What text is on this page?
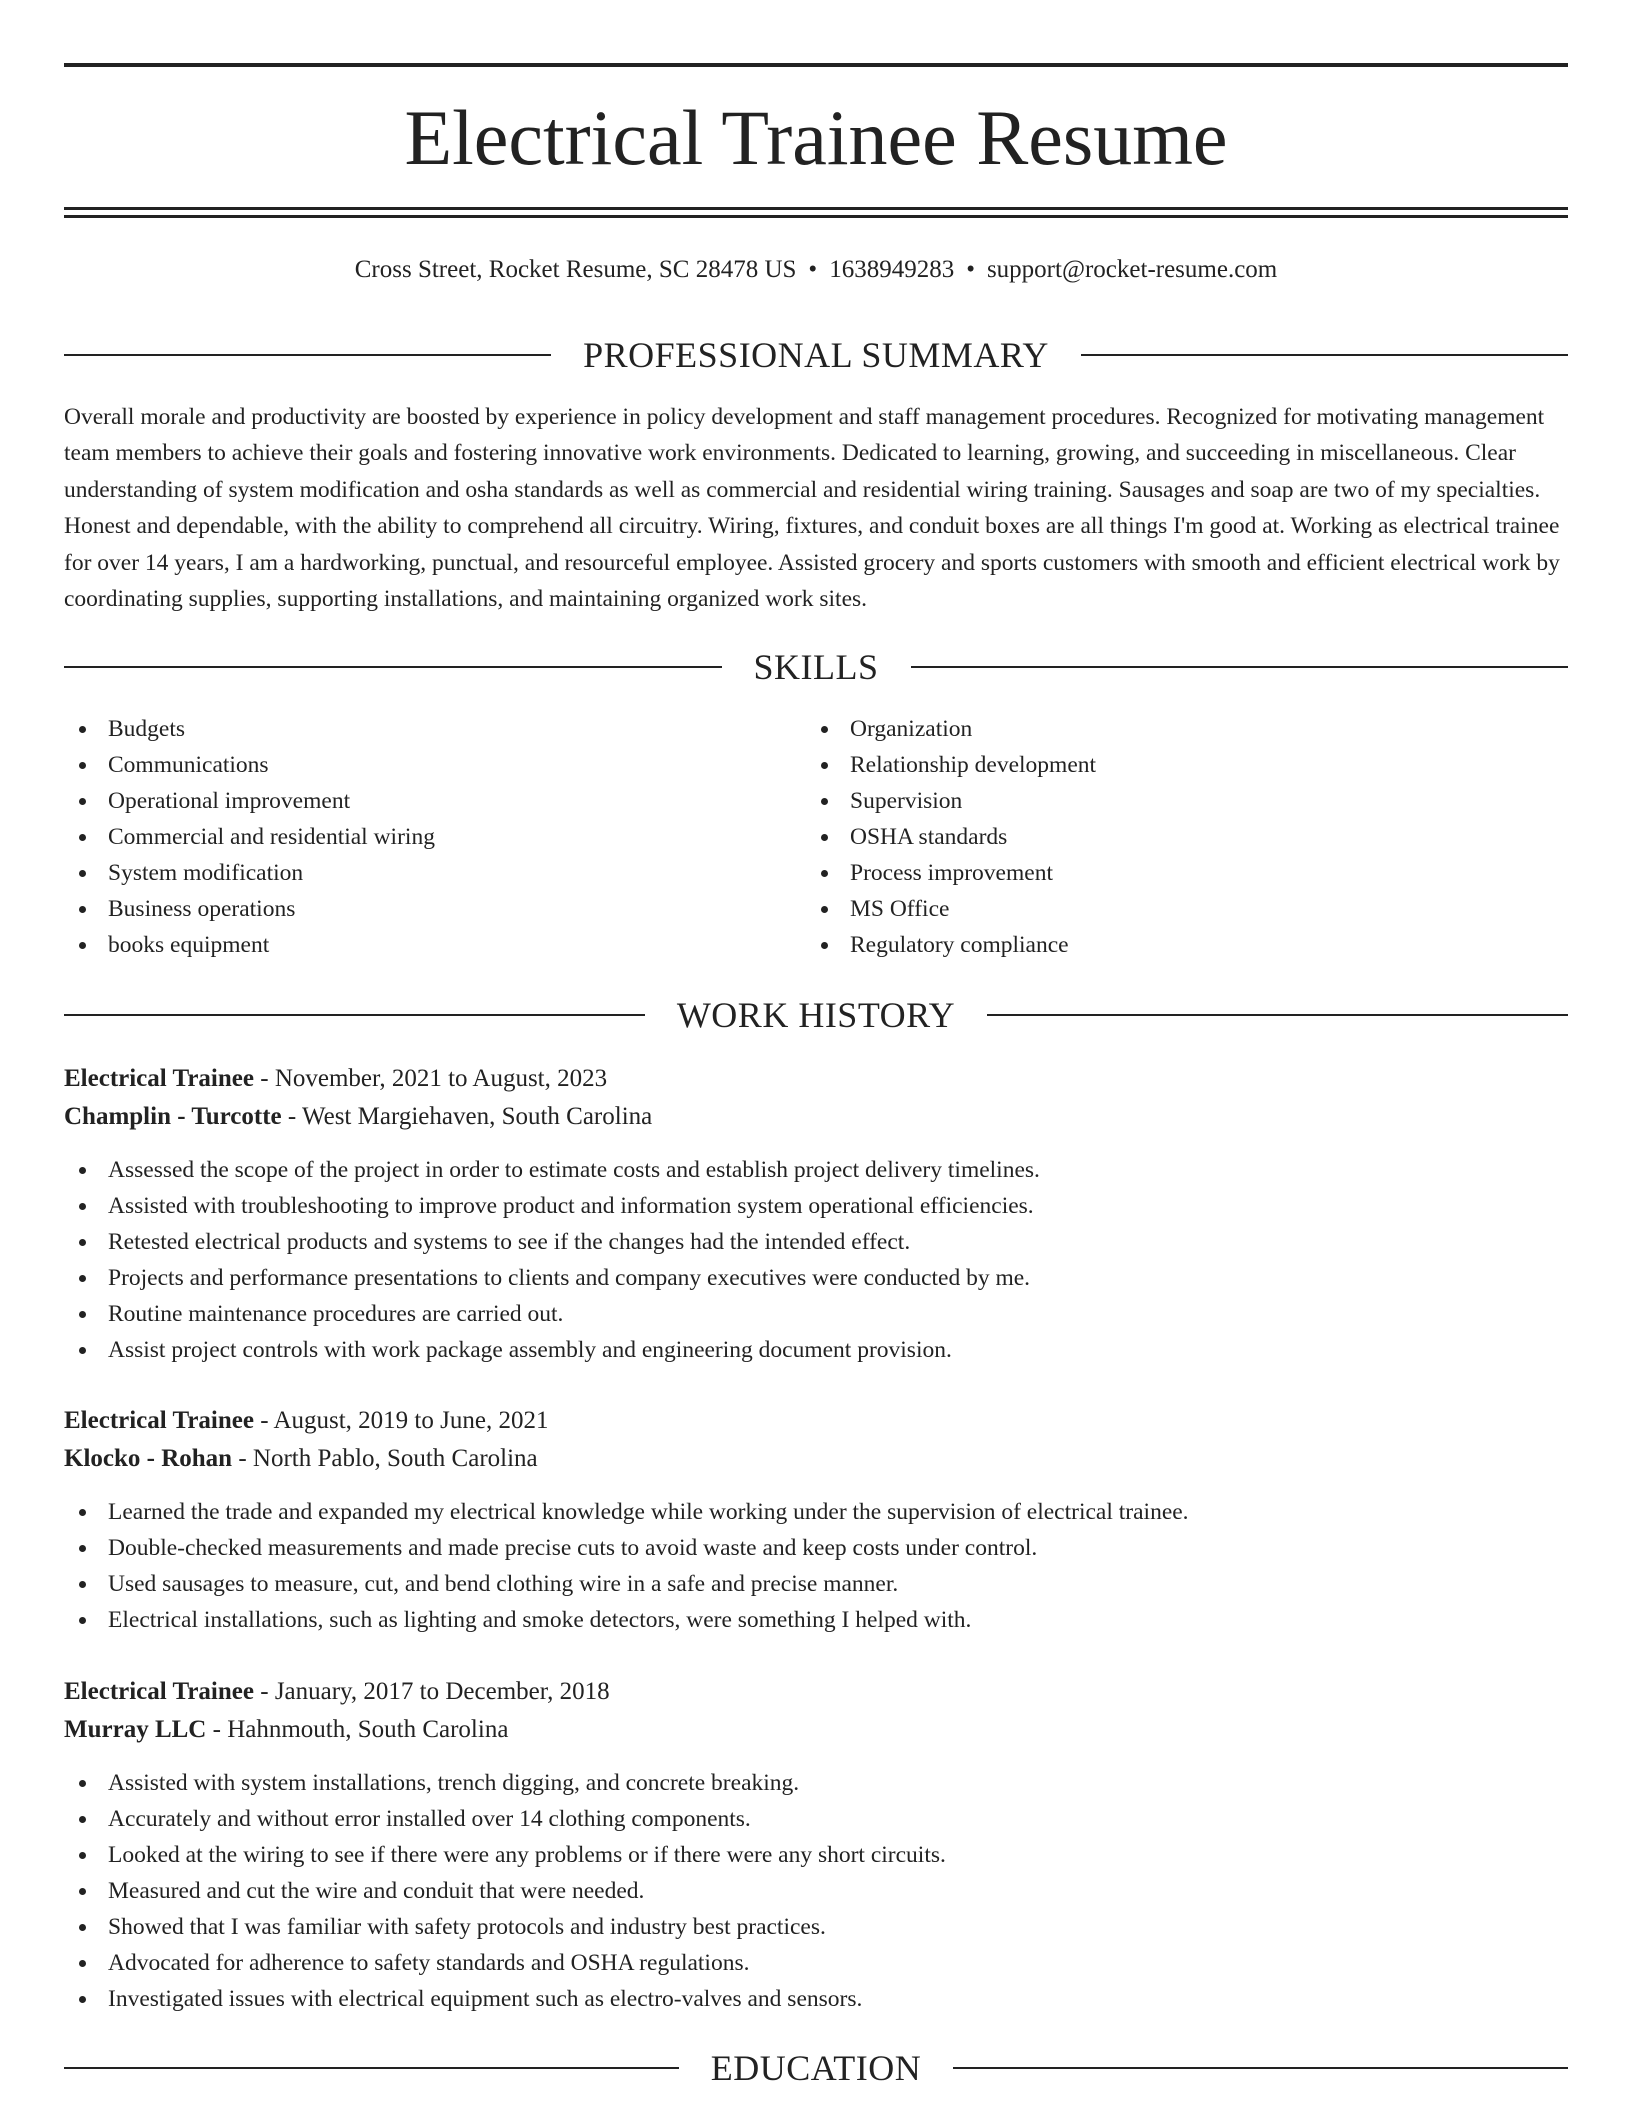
Electrical Trainee Resume
Cross Street, Rocket Resume, SC 28478 US • 1638949283 • support@rocket-resume.com
PROFESSIONAL SUMMARY

Overall morale and productivity are boosted by experience in policy development and staff management procedures. Recognized for motivating management team members to achieve their goals and fostering innovative work environments. Dedicated to learning, growing, and succeeding in miscellaneous. Clear understanding of system modification and osha standards as well as commercial and residential wiring training. Sausages and soap are two of my specialties. Honest and dependable, with the ability to comprehend all circuitry. Wiring, fixtures, and conduit boxes are all things I'm good at. Working as electrical trainee for over 14 years, I am a hardworking, punctual, and resourceful employee. Assisted grocery and sports customers with smooth and efficient electrical work by coordinating supplies, supporting installations, and maintaining organized work sites.

SKILLS
Budgets
Communications
Operational improvement
Commercial and residential wiring
System modification
Business operations
books equipment
Organization
Relationship development
Supervision
OSHA standards
Process improvement
MS Office
Regulatory compliance
WORK HISTORY
Electrical Trainee - November, 2021 to August, 2023
Champlin - Turcotte - West Margiehaven, South Carolina
Assessed the scope of the project in order to estimate costs and establish project delivery timelines.
Assisted with troubleshooting to improve product and information system operational efficiencies.
Retested electrical products and systems to see if the changes had the intended effect.
Projects and performance presentations to clients and company executives were conducted by me.
Routine maintenance procedures are carried out.
Assist project controls with work package assembly and engineering document provision.
Electrical Trainee - August, 2019 to June, 2021
Klocko - Rohan - North Pablo, South Carolina
Learned the trade and expanded my electrical knowledge while working under the supervision of electrical trainee.
Double-checked measurements and made precise cuts to avoid waste and keep costs under control.
Used sausages to measure, cut, and bend clothing wire in a safe and precise manner.
Electrical installations, such as lighting and smoke detectors, were something I helped with.
Electrical Trainee - January, 2017 to December, 2018
Murray LLC - Hahnmouth, South Carolina
Assisted with system installations, trench digging, and concrete breaking.
Accurately and without error installed over 14 clothing components.
Looked at the wiring to see if there were any problems or if there were any short circuits.
Measured and cut the wire and conduit that were needed.
Showed that I was familiar with safety protocols and industry best practices.
Advocated for adherence to safety standards and OSHA regulations.
Investigated issues with electrical equipment such as electro-valves and sensors.
EDUCATION
